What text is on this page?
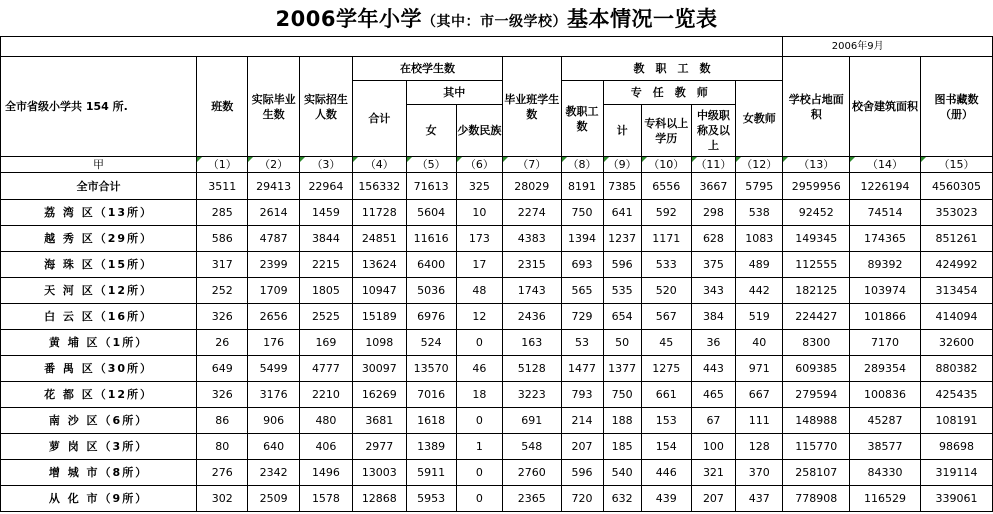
2006学年小学（其中：市一级学校）基本情况一览表
													2006年9月		
全市省级小学共 154 所.	班数	实际毕业生数	实际招生人数	在校学生数			毕业班学生数	教　职　工　数					学校占地面积	校舍建筑面积	图书藏数（册）
				合计	其中			教职工数	专　任　教　师			女教师			
					女	少数民族			计	专科以上学历	中级职称及以上				
甲	（1）	（2）	（3）	（4）	（5）	（6）	（7）	（8）	（9）	（10）	（11）	（12）	（13）	（14）	（15）
全市合计	3511	29413	22964	156332	71613	325	28029	8191	7385	6556	3667	5795	2959956	1226194	4560305
荔 湾 区（13所）	285	2614	1459	11728	5604	10	2274	750	641	592	298	538	92452	74514	353023
越 秀 区（29所）	586	4787	3844	24851	11616	173	4383	1394	1237	1171	628	1083	149345	174365	851261
海 珠 区（15所）	317	2399	2215	13624	6400	17	2315	693	596	533	375	489	112555	89392	424992
天 河 区（12所）	252	1709	1805	10947	5036	48	1743	565	535	520	343	442	182125	103974	313454
白 云 区（16所）	326	2656	2525	15189	6976	12	2436	729	654	567	384	519	224427	101866	414094
黄 埔 区（1所）	26	176	169	1098	524	0	163	53	50	45	36	40	8300	7170	32600
番 禺 区（30所）	649	5499	4777	30097	13570	46	5128	1477	1377	1275	443	971	609385	289354	880382
花 都 区（12所）	326	3176	2210	16269	7016	18	3223	793	750	661	465	667	279594	100836	425435
南 沙 区（6所）	86	906	480	3681	1618	0	691	214	188	153	67	111	148988	45287	108191
萝 岗 区（3所）	80	640	406	2977	1389	1	548	207	185	154	100	128	115770	38577	98698
增 城 市（8所）	276	2342	1496	13003	5911	0	2760	596	540	446	321	370	258107	84330	319114
从 化 市（9所）	302	2509	1578	12868	5953	0	2365	720	632	439	207	437	778908	116529	339061
